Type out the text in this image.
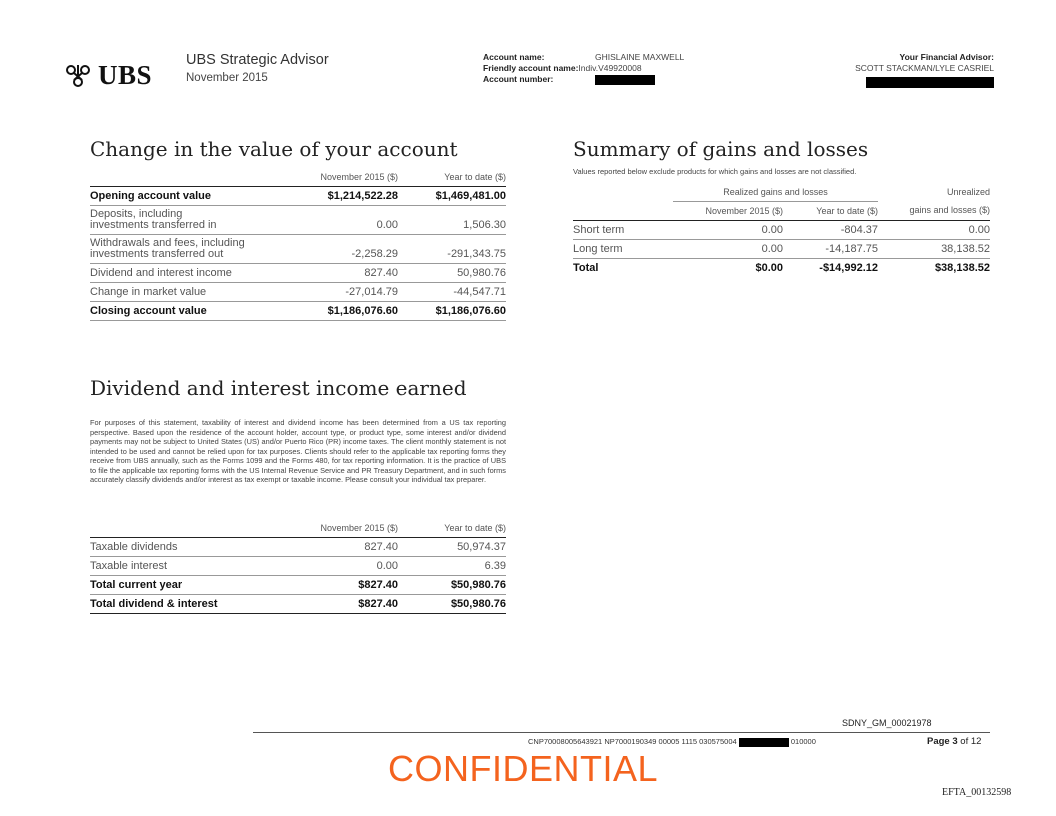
UBS UBS Strategic Advisor
November 2015
Account name:	GHISLAINE MAXWELL
Friendly account name:Indiv.V49920008
Account number:
Your Financial Advisor:
SCOTT STACKMAN/LYLE CASRIEL
Change in the value of your account
	November 2015 ($)	Year to date ($)
Opening account value	$1,214,522.28	$1,469,481.00
Deposits, including investments transferred in	0.00	1,506.30
Withdrawals and fees, including investments transferred out	-2,258.29	-291,343.75
Dividend and interest income	827.40	50,980.76
Change in market value	-27,014.79	-44,547.71
Closing account value	$1,186,076.60	$1,186,076.60
Dividend and interest income earned
For purposes of this statement, taxability of interest and dividend income has been determined from a US tax reporting perspective. Based upon the residence of the account holder, account type, or product type, some interest and/or dividend payments may not be subject to United States (US) and/or Puerto Rico (PR) income taxes. The client monthly statement is not intended to be used and cannot be relied upon for tax purposes. Clients should refer to the applicable tax reporting forms they receive from UBS annually, such as the Forms 1099 and the Forms 480, for tax reporting information. It is the practice of UBS to file the applicable tax reporting forms with the US Internal Revenue Service and PR Treasury Department, and in such forms accurately classify dividends and/or interest as tax exempt or taxable income. Please consult your individual tax preparer.
	November 2015 ($)	Year to date ($)
Taxable dividends	827.40	50,974.37
Taxable interest	0.00	6.39
Total current year	$827.40	$50,980.76
Total dividend & interest	$827.40	$50,980.76
Summary of gains and losses
Values reported below exclude products for which gains and losses are not classified.
	Realized gains and losses		Unrealized
	November 2015 ($)	Year to date ($)	gains and losses ($)
Short term	0.00	-804.37	0.00
Long term	0.00	-14,187.75	38,138.52
Total	$0.00	-$14,992.12	$38,138.52
SDNY_GM_00021978
CNP70008005643921 NP7000190349 00005 1115 030575004	010000	Page 3 of 12
CONFIDENTIAL
EFTA_00132598
